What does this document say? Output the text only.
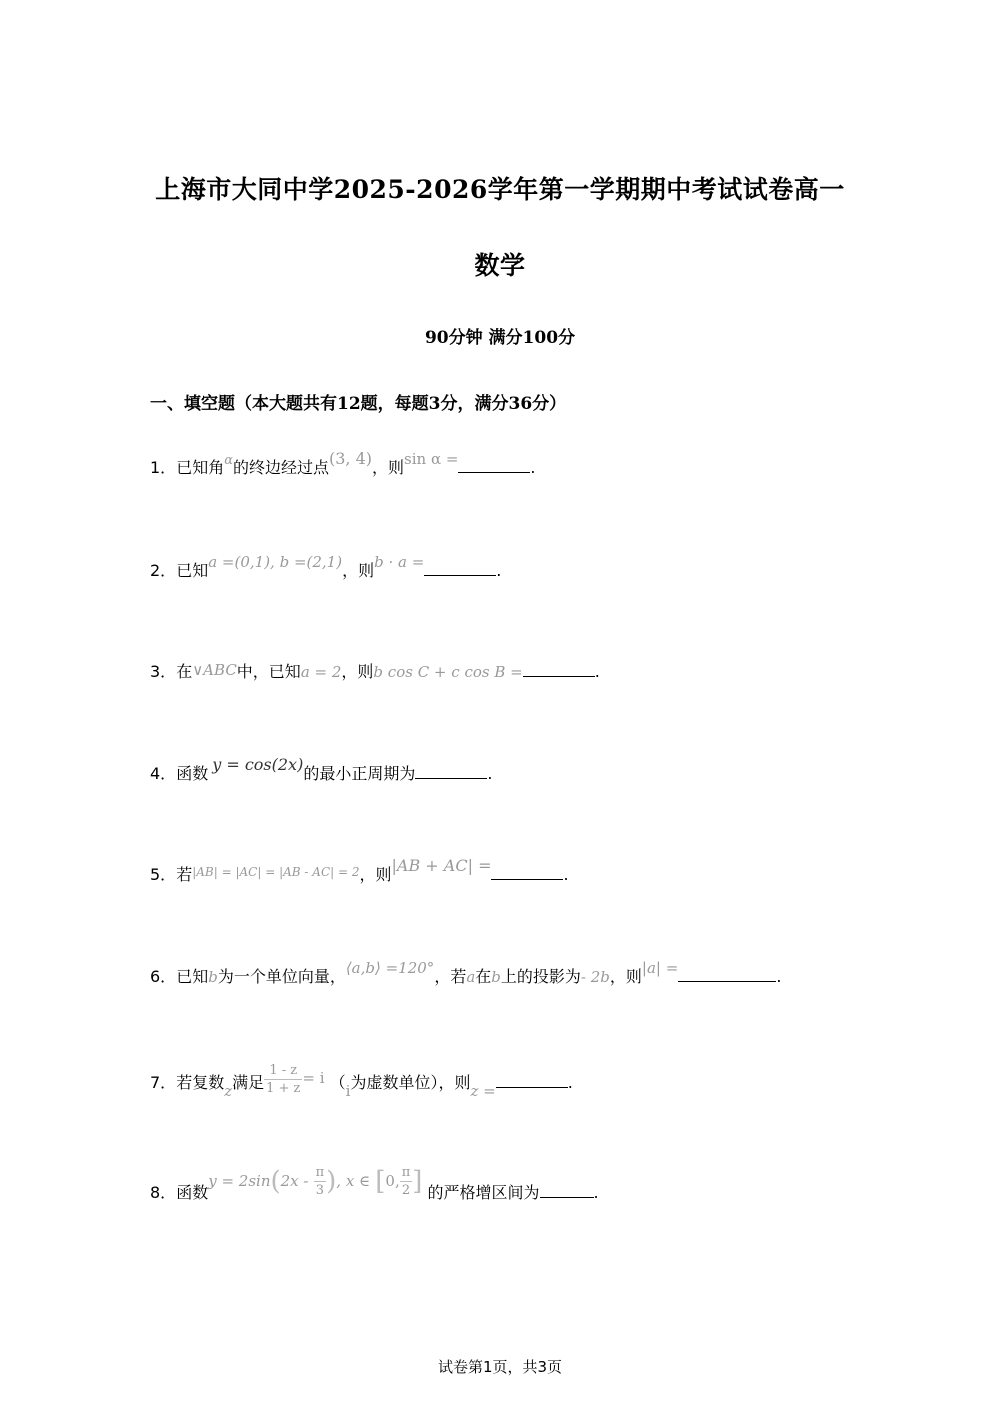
上海市大同中学2025-2026学年第一学期期中考试试卷高一
数学
90分钟 满分100分
一、填空题（本大题共有12题，每题3分，满分36分）
1．已知角$^\alpha$的终边经过点(3, 4)，则sin α =	.
2．已知a =(0,1), b =(2,1)，则b · a =	.
3．在∨ABC中，已知a = 2，则b cos C + c cos B =	.
4．函数 y = cos(2x)的最小正周期为	.
5．若$^{|AB| = |AC| = |AB - AC| = 2}$，则|AB + AC| =	.
6．已知b为一个单位向量，⟨a,b⟩ =120°，若a在b上的投影为- 2b，则|a| =	.
7．若复数z满足 $\frac{1 - z}{1 + z} = i$ （i为虚数单位），则z =	.
8．函数$y = 2\sin(2x - \frac{\pi}{3}$ ), x ∈ [0, $\frac{\pi}{2}$ ] 的严格增区间为	.
试卷第1页，共3页
